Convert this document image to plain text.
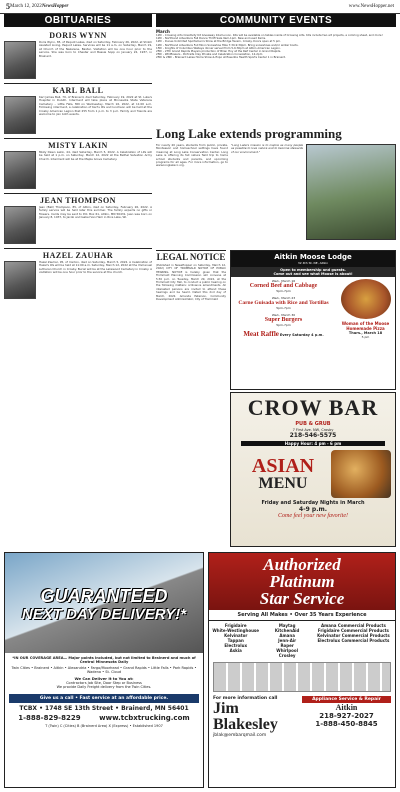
5 March 12, 2022 NewsHopper	www.NewsHopper.net
OBITUARIES	COMMUNITY EVENTS
DORIS WYNN
Doris Wynn, 85, of Pequot Lakes, died on Saturday, February 26, 2022, at Shiloh Assisted Living, Pequot Lakes. Services will be 11 a.m. on Saturday, March 19, at Church of the Nazarene, Baxter. Visitation will be one hour prior to the service. She was born to Chester and Bessie Sopp on January 22, 1937, in Brainerd.
KARL BALL
Karl James Ball, 79, of Brainerd, died Saturday, February 19, 2022 at St. Luke's Hospital in Duluth. Interment will take place at Minnesota State Veterans Cemetery – Little Falls, MN on Wednesday, March 16, 2022, at 11:00 a.m. Following interment, a celebration of Karl's life and luncheon will be held at the Crosby American Legion Post 255 from 1 p.m. to 3 p.m. Family and friends are welcome to join both events.
MISTY LAKIN
Misty Dawn Lakin, 44, died Saturday, March 5, 2022. A Celebration of Life will be held at 1 p.m. on Saturday, March 12, 2022 at the Bethel Salvation Army Church. Interment will be at the Maple Grove Cemetery.
JEAN THOMPSON
Jean (Ball) Thompson, 85, of Aitkin, died on Saturday, February 26, 2022. A family service will be held later this summer. The family expects no gifts or flowers. Cards may be sent to P.O. Box 61, Aitkin, MN 56431. Jean was born on January 8, 1937, to Jacob and Isabel Van Ham in Rice Lake, WI.
HAZEL ZAUHAR
Hazel Zauhar, 95, of Ironton, died on Saturday, March 5, 2022. A Celebration of Hazel's life will be held at 11:00 a.m. Saturday, March 12, 2022 at the Immanuel Lutheran Church in Crosby. Burial will be at the Lakewood Cemetery in Crosby. A visitation will be one hour prior to the service at the church.
March
12th - Crossing Arts Creativity Kit Giveaway 10am-noon. Kits will be available on tables inside of Crossing Arts. Kits include two art projects, a coloring sheet, and more!
12th - Northland Adventure Fall Dance Thrift Sale 9am-1pm. New and used items.
12th - Dunes Unlimited Sportsmen's Show at the Bridge Tavern, Crosby. Doors open at 5 pm.
12th - Northland Adventure Full Moon Snowshoe Hike 7:30-9:30pm. Bring snowshoes and/or winter boots.
15th - Knights of Columbus Walleye dinner served from 5-6:30pm at Aitkin American Legion.
25th - 27th Grand Rapids Players production of Brian Hoy at the Reif Center in Grand Rapids.
25th - Wildflowers - Portraits Clay Private and Celebration Consolation, 12-2pm
25th & 26th - Brainerd Lakes Home Show & Expo at Essentia Health Sports Center 1 in Brainerd.
Long Lake extends programming
For nearly 40 years, students from public, private, Montessori and homeschool settings have found meaning at Long Lake Conservation Center. Long Lake is offering its fall nature field trip to home school students and parents, and upcoming programs for all ages. For more information, go to www.longlakecc.org.
"Long Lake's mission is to inspire as many people as possible to love nature and to become stewards of our environment."
LEGAL NOTICE
(Published in NewsHopper on Saturday, March 12, 2022) CITY OF TROMMALD NOTICE OF PUBLIC HEARING. NOTICE is hereby given that the Trommald Planning Commission will convene at 5:30 p.m. on Tuesday, March 29, 2022, at the Trommald City Hall, to conduct a public hearing on the following matters: ordinance amendments. All interested persons are invited to attend these hearings and be heard. Dated this 2nd day of March, 2022. Amanda Peterson, Community Development Administrator, City of Trommald
Aitkin Moose Lodge
32 4th St. NE, Aitkin
Open to membership and guests.
Come out and see what Moose is about!
Wed., March 16
Corned Beef and Cabbage
5pm-7pm
Wed., March 23
Carne Guisada with Rice and Tortillas
5pm-7pm
Wed., March 30
Super Burgers
5pm-7pm
Meat Raffle Every Saturday 4 p.m.
Woman of the Moose Homemade Pizza
Thurs., March 18
5 pm
CROW BAR
PUB & GRUB
7 First Ave. NW, Crosby
218-546-5575
Happy Hour: 4 pm - 6 pm
ASIAN
MENU
Friday and Saturday Nights in March
4-9 p.m.
Come feel your new favorite!
GUARANTEED
NEXT DAY DELIVERY!*
*IN OUR COVERAGE AREA— Major points included, but not limited to Brainerd and much of Central Minnesota Daily
Twin Cities • Brainerd • Aitkin • Alexandria • Fargo/Moorhead • Grand Rapids • Little Falls • Park Rapids • Wadena • St. Cloud
We Can Deliver It to You at:
Contractors Job Site, Door Step or Business
We provide Daily Freight delivery from the Twin Cities.
Give us a call • Fast service at an affordable price.
TCBX • 1748 SE 13th Street • Brainerd, MN 56401
1-888-829-8229	www.tcbxtrucking.com
T (Twin) C (Cities) B (Brainerd Area) X (Express) • Established 1907
Authorized
Platinum
Star Service
Serving All Makes • Over 35 Years Experience
Frigidaire
White-Westinghouse
Kelvinator
Tappan
Electrolux
Askia
Maytag
KitchenAid
Amana
Jenn-Air
Roper
Whirlpool
Crosley
Amana Commercial Products
Frigidaire Commercial Products
Kelvinator Commercial Products
Electrolux Commercial Products
For more information call
Jim Blakesley
jblak@embarqmail.com
Appliance Service & Repair
Aitkin
218-927-2027
1-888-450-8845
